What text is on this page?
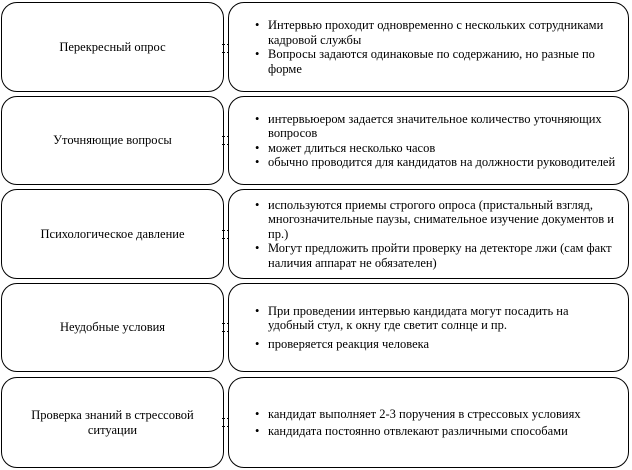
Перекресный опрос
• Интервью проходит одновременно с нескольких сотрудниками кадровой службы
• Вопросы задаются одинаковые по содержанию, но разные по форме
Уточняющие вопросы
• интервьюером задается значительное количество уточняющих вопросов
• может длиться несколько часов
• обычно проводится для кандидатов на должности руководителей
Психологическое давление
• используются приемы строгого опроса (пристальный взгляд, многозначительные паузы, снимательное изучение документов и пр.)
• Могут предложить пройти проверку на детекторе лжи (сам факт наличия аппарат не обязателен)
Неудобные условия
• При проведении интервью кандидата могут посадить на удобный стул, к окну где светит солнце и пр.
• проверяется реакция человека
Проверка знаний в стрессовой ситуации
• кандидат выполняет 2-3 поручения в стрессовых условиях
• кандидата постоянно отвлекают различными способами
